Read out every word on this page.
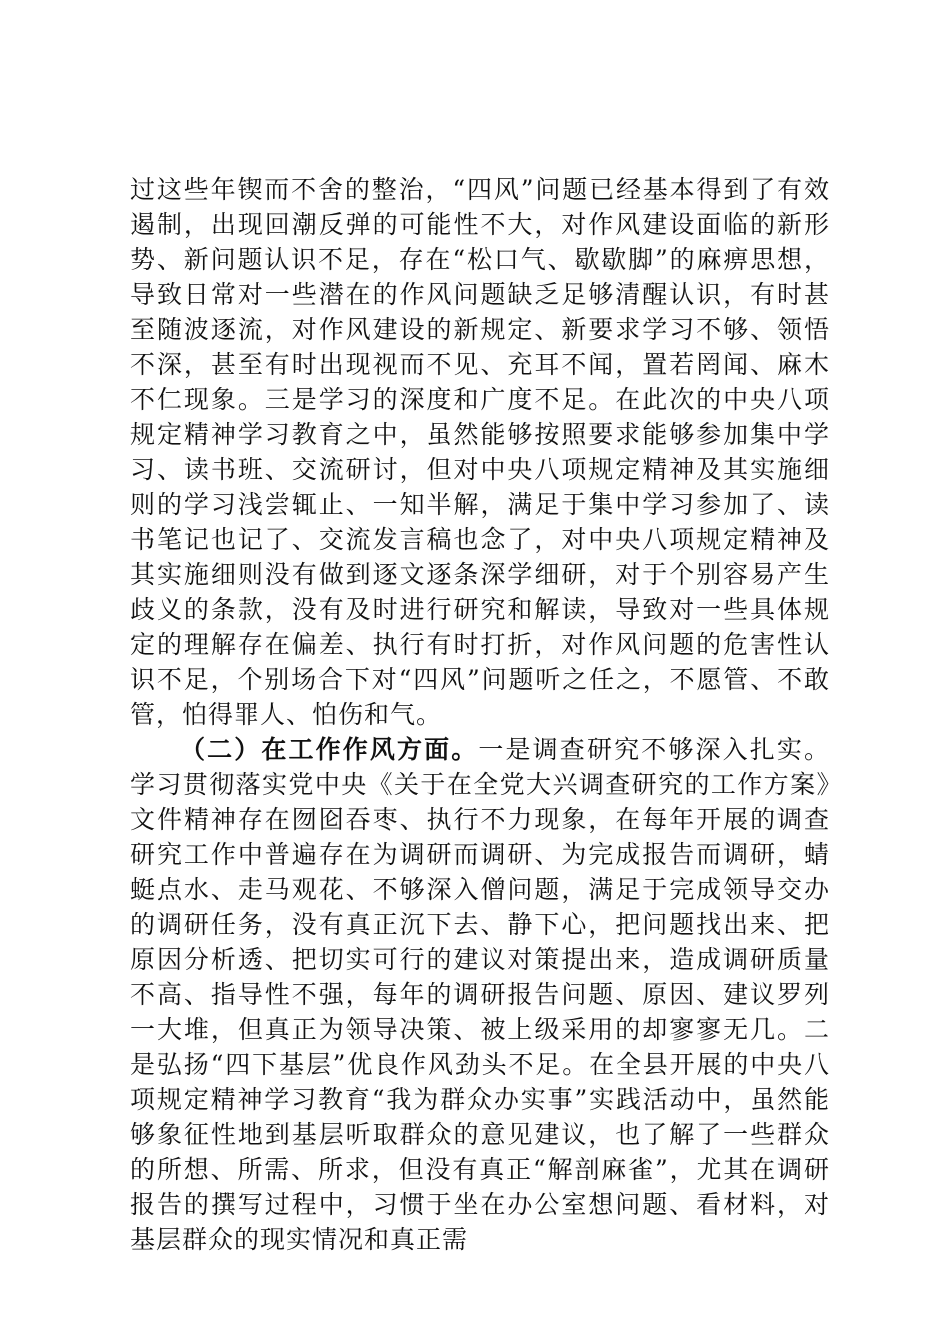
过这些年锲而不舍的整治，“四风”问题已经基本得到了有效遏制，出现回潮反弹的可能性不大，对作风建设面临的新形势、新问题认识不足，存在“松口气、歇歇脚”的麻痹思想，导致日常对一些潜在的作风问题缺乏足够清醒认识，有时甚至随波逐流，对作风建设的新规定、新要求学习不够、领悟不深，甚至有时出现视而不见、充耳不闻，置若罔闻、麻木不仁现象。三是学习的深度和广度不足。在此次的中央八项规定精神学习教育之中，虽然能够按照要求能够参加集中学习、读书班、交流研讨，但对中央八项规定精神及其实施细则的学习浅尝辄止、一知半解，满足于集中学习参加了、读书笔记也记了、交流发言稿也念了，对中央八项规定精神及其实施细则没有做到逐文逐条深学细研，对于个别容易产生歧义的条款，没有及时进行研究和解读，导致对一些具体规定的理解存在偏差、执行有时打折，对作风问题的危害性认识不足，个别场合下对“四风”问题听之任之，不愿管、不敢管，怕得罪人、怕伤和气。

（二）在工作作风方面。一是调查研究不够深入扎实。学习贯彻落实党中央《关于在全党大兴调查研究的工作方案》文件精神存在囫囵吞枣、执行不力现象，在每年开展的调查研究工作中普遍存在为调研而调研、为完成报告而调研，蜻蜓点水、走马观花、不够深入僧问题，满足于完成领导交办的调研任务，没有真正沉下去、静下心，把问题找出来、把原因分析透、把切实可行的建议对策提出来，造成调研质量不高、指导性不强，每年的调研报告问题、原因、建议罗列一大堆，但真正为领导决策、被上级采用的却寥寥无几。二是弘扬“四下基层”优良作风劲头不足。在全县开展的中央八项规定精神学习教育“我为群众办实事”实践活动中，虽然能够象征性地到基层听取群众的意见建议，也了解了一些群众的所想、所需、所求，但没有真正“解剖麻雀”，尤其在调研报告的撰写过程中，习惯于坐在办公室想问题、看材料，对基层群众的现实情况和真正需
